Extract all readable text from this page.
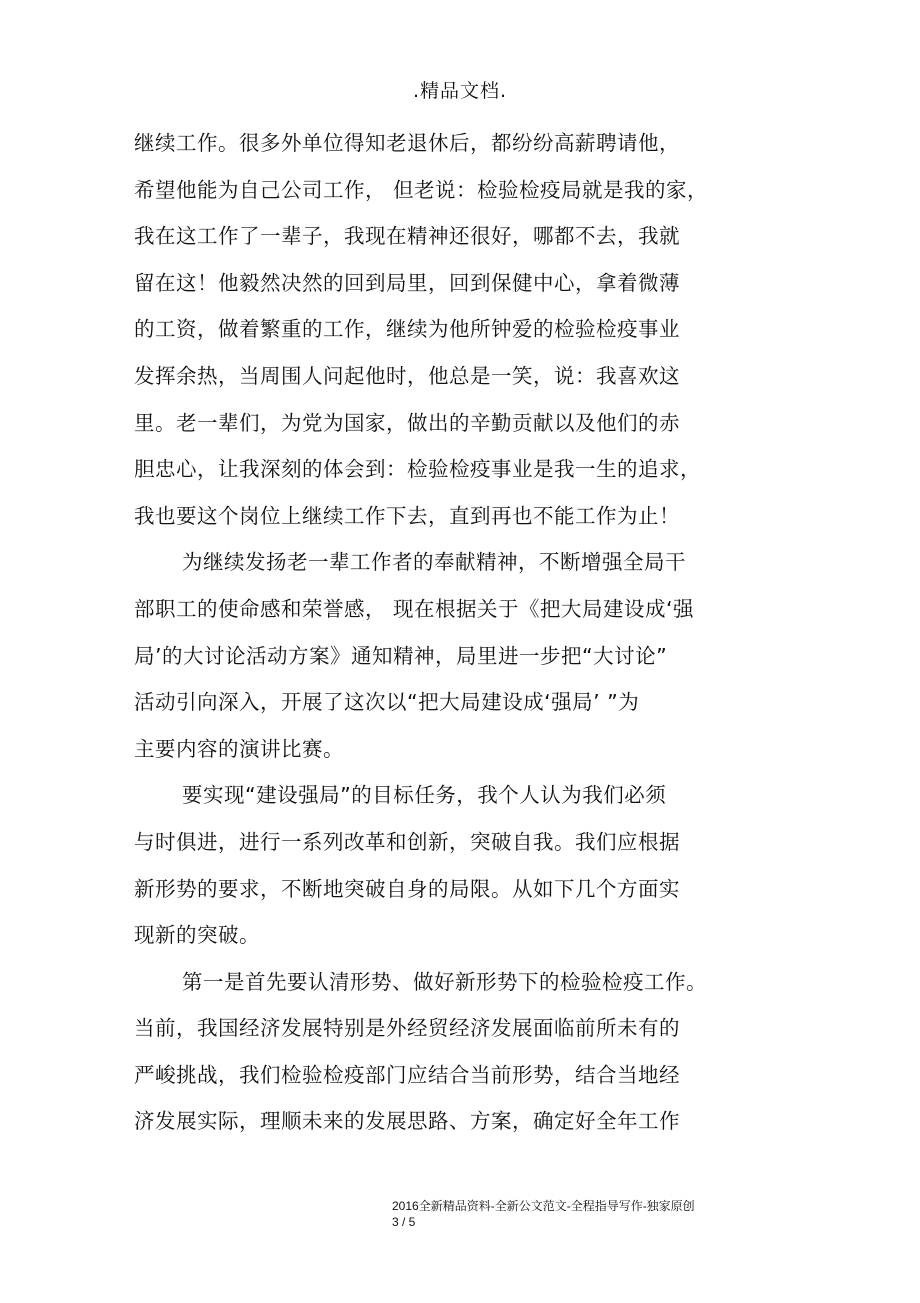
.精品文档.
继续工作。很多外单位得知老退休后，都纷纷高薪聘请他，
希望他能为自己公司工作， 但老说：检验检疫局就是我的家，
我在这工作了一辈子，我现在精神还很好，哪都不去，我就
留在这！他毅然决然的回到局里，回到保健中心，拿着微薄
的工资，做着繁重的工作，继续为他所钟爱的检验检疫事业
发挥余热，当周围人问起他时，他总是一笑，说：我喜欢这
里。老一辈们，为党为国家，做出的辛勤贡献以及他们的赤
胆忠心，让我深刻的体会到：检验检疫事业是我一生的追求，
我也要这个岗位上继续工作下去，直到再也不能工作为止！
为继续发扬老一辈工作者的奉献精神，不断增强全局干
部职工的使命感和荣誉感， 现在根据关于《把大局建设成‘强
局’的大讨论活动方案》通知精神，局里进一步把“大讨论”
活动引向深入，开展了这次以“把大局建设成‘强局’ ”为
主要内容的演讲比赛。
要实现“建设强局”的目标任务，我个人认为我们必须
与时俱进，进行一系列改革和创新，突破自我。我们应根据
新形势的要求，不断地突破自身的局限。从如下几个方面实
现新的突破。
第一是首先要认清形势、做好新形势下的检验检疫工作。
当前，我国经济发展特别是外经贸经济发展面临前所未有的
严峻挑战，我们检验检疫部门应结合当前形势，结合当地经
济发展实际，理顺未来的发展思路、方案，确定好全年工作
2016全新精品资料-全新公文范文-全程指导写作-独家原创
3 / 5
